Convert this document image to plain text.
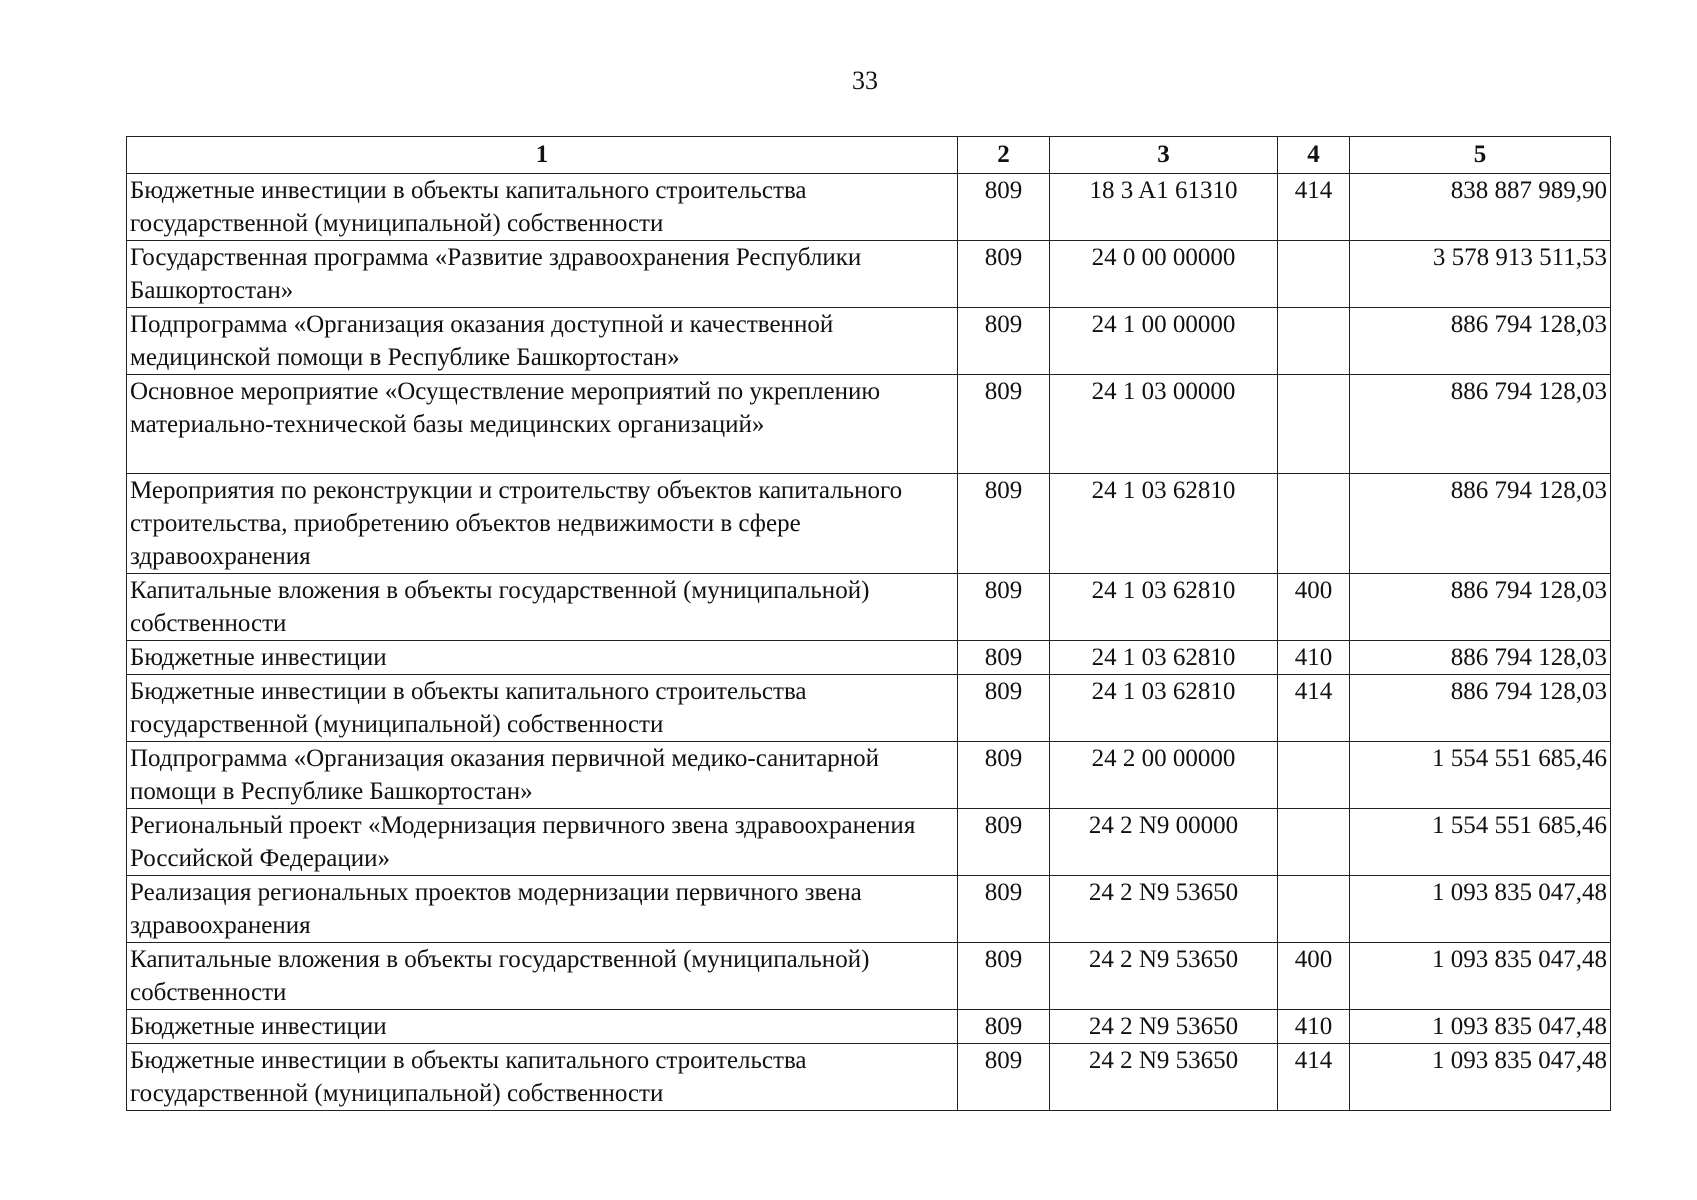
33
1	2	3	4	5
Бюджетные инвестиции в объекты капитального строительства государственной (муниципальной) собственности	809	18 3 A1 61310	414	838 887 989,90
Государственная программа «Развитие здравоохранения Республики Башкортостан»	809	24 0 00 00000		3 578 913 511,53
Подпрограмма «Организация оказания доступной и качественной медицинской помощи в Республике Башкортостан»	809	24 1 00 00000		886 794 128,03
Основное мероприятие «Осуществление мероприятий по укреплению материально-технической базы медицинских организаций»	809	24 1 03 00000		886 794 128,03
Мероприятия по реконструкции и строительству объектов капитального строительства, приобретению объектов недвижимости в сфере здравоохранения	809	24 1 03 62810		886 794 128,03
Капитальные вложения в объекты государственной (муниципальной) собственности	809	24 1 03 62810	400	886 794 128,03
Бюджетные инвестиции	809	24 1 03 62810	410	886 794 128,03
Бюджетные инвестиции в объекты капитального строительства государственной (муниципальной) собственности	809	24 1 03 62810	414	886 794 128,03
Подпрограмма «Организация оказания первичной медико-санитарной помощи в Республике Башкортостан»	809	24 2 00 00000		1 554 551 685,46
Региональный проект «Модернизация первичного звена здравоохранения Российской Федерации»	809	24 2 N9 00000		1 554 551 685,46
Реализация региональных проектов модернизации первичного звена здравоохранения	809	24 2 N9 53650		1 093 835 047,48
Капитальные вложения в объекты государственной (муниципальной) собственности	809	24 2 N9 53650	400	1 093 835 047,48
Бюджетные инвестиции	809	24 2 N9 53650	410	1 093 835 047,48
Бюджетные инвестиции в объекты капитального строительства государственной (муниципальной) собственности	809	24 2 N9 53650	414	1 093 835 047,48
